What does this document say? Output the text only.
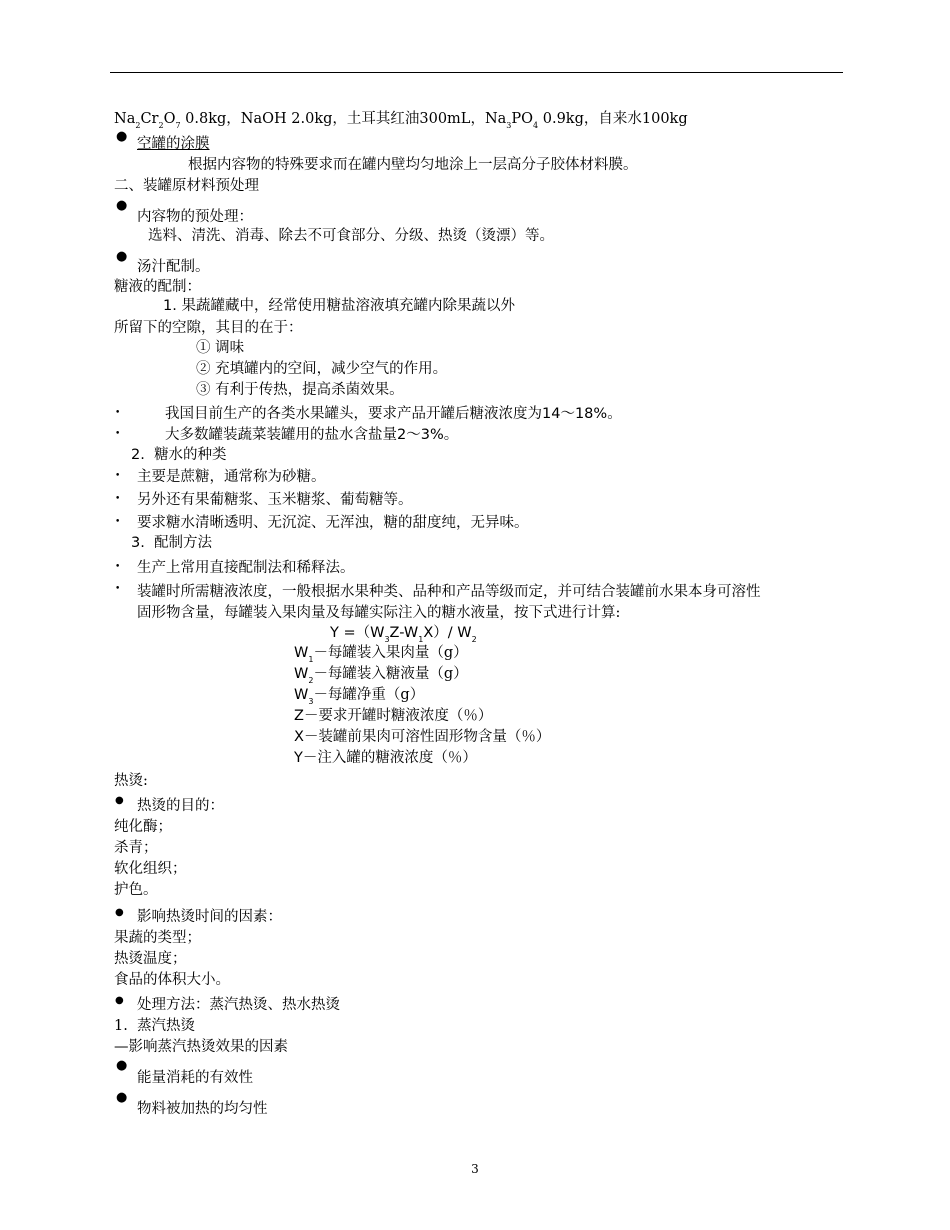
$Na_2Cr_2O_7$ 0.8kg，NaOH 2.0kg，土耳其红油300mL，$Na_3PO_4$ 0.9kg，自来水100kg
● 空罐的涂膜
根据内容物的特殊要求而在罐内壁均匀地涂上一层高分子胶体材料膜。
二、装罐原材料预处理
●
内容物的预处理：
选料、清洗、消毒、除去不可食部分、分级、热烫（烫漂）等。
●
汤汁配制。
糖液的配制：
1. 果蔬罐藏中，经常使用糖盐溶液填充罐内除果蔬以外
所留下的空隙，其目的在于：
① 调味
② 充填罐内的空间，减少空气的作用。
③ 有利于传热，提高杀菌效果。
•	我国目前生产的各类水果罐头，要求产品开罐后糖液浓度为14～18%。
•	大多数罐装蔬菜装罐用的盐水含盐量2～3%。
2. 糖水的种类
• 主要是蔗糖，通常称为砂糖。
• 另外还有果葡糖浆、玉米糖浆、葡萄糖等。
• 要求糖水清晰透明、无沉淀、无浑浊，糖的甜度纯，无异味。
3. 配制方法
• 生产上常用直接配制法和稀释法。
• 装罐时所需糖液浓度，一般根据水果种类、品种和产品等级而定，并可结合装罐前水果本身可溶性
固形物含量，每罐装入果肉量及每罐实际注入的糖水液量，按下式进行计算:
$Y =(W_3Z-W_1X)/$ $W_2$
$W_1-$每罐装入果肉量（g）
$W_2-$每罐装入糖液量（g）
$W_3-$每罐净重（g）
Z－要求开罐时糖液浓度（％）
X－装罐前果肉可溶性固形物含量（％）
Y－注入罐的糖液浓度（％）
热烫:
● 热烫的目的：
纯化酶；
杀青；
软化组织；
护色。
● 影响热烫时间的因素：
果蔬的类型；
热烫温度；
食品的体积大小。
● 处理方法：蒸汽热烫、热水热烫
1. 蒸汽热烫
—影响蒸汽热烫效果的因素
●
能量消耗的有效性
●
物料被加热的均匀性
3
